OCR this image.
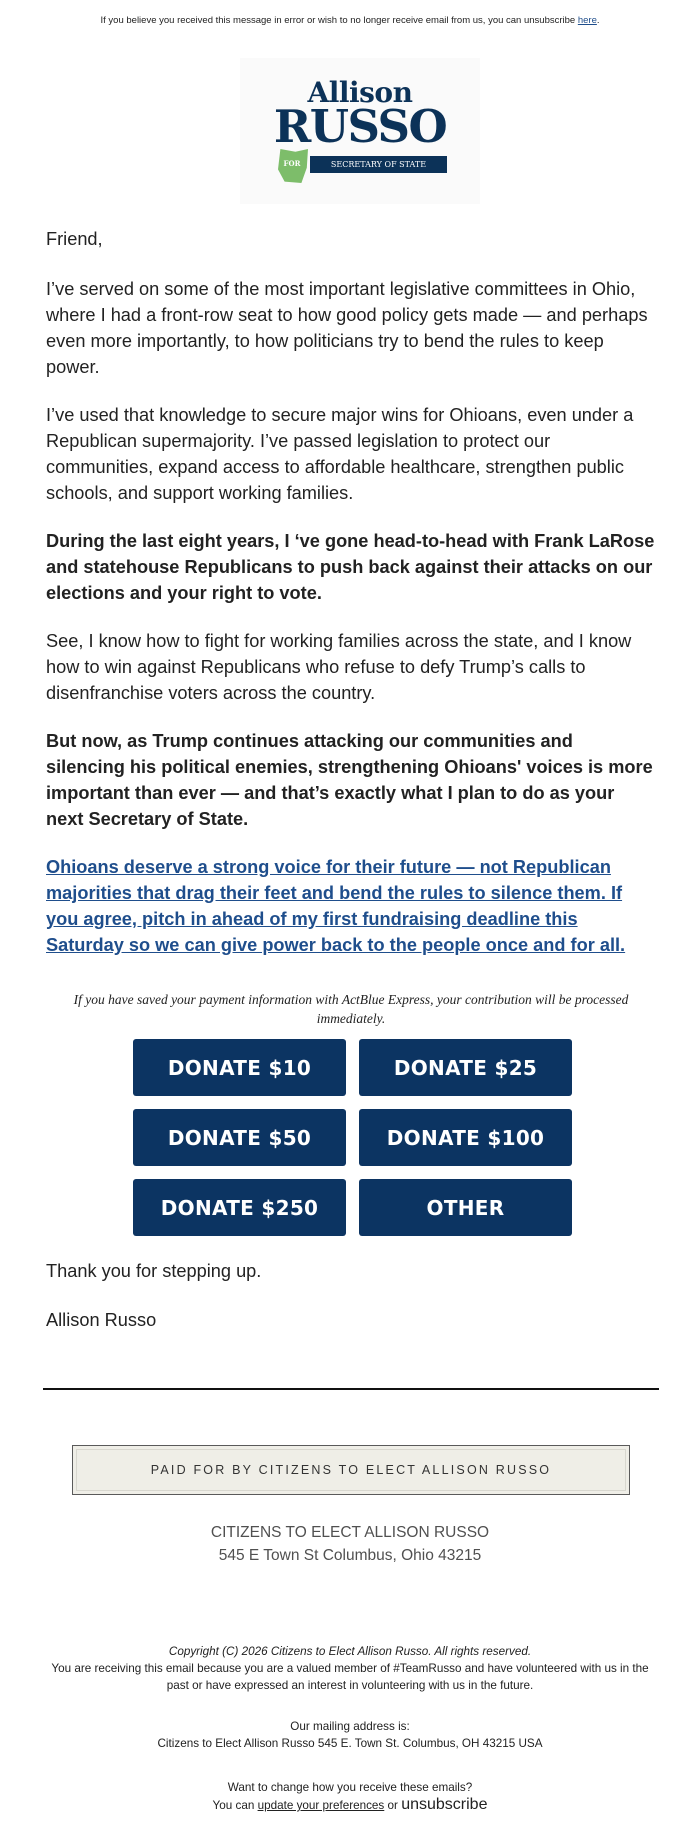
If you believe you received this message in error or wish to no longer receive email from us, you can unsubscribe here.
Allison
RUSSO
FOR	SECRETARY OF STATE
Friend,
I’ve served on some of the most important legislative committees in Ohio, where I had a front-row seat to how good policy gets made — and perhaps even more importantly, to how politicians try to bend the rules to keep power.
I’ve used that knowledge to secure major wins for Ohioans, even under a Republican supermajority. I’ve passed legislation to protect our communities, expand access to affordable healthcare, strengthen public schools, and support working families.
During the last eight years, I ‘ve gone head-to-head with Frank LaRose and statehouse Republicans to push back against their attacks on our elections and your right to vote.
See, I know how to fight for working families across the state, and I know how to win against Republicans who refuse to defy Trump’s calls to disenfranchise voters across the country.
But now, as Trump continues attacking our communities and silencing his political enemies, strengthening Ohioans' voices is more important than ever — and that’s exactly what I plan to do as your next Secretary of State.
Ohioans deserve a strong voice for their future — not Republican majorities that drag their feet and bend the rules to silence them. If you agree, pitch in ahead of my first fundraising deadline this Saturday so we can give power back to the people once and for all.
If you have saved your payment information with ActBlue Express, your contribution will be processed immediately.
DONATE $10	DONATE $25
DONATE $50	DONATE $100
DONATE $250	OTHER
Thank you for stepping up.
Allison Russo
PAID FOR BY CITIZENS TO ELECT ALLISON RUSSO
CITIZENS TO ELECT ALLISON RUSSO
545 E Town St Columbus, Ohio 43215
Copyright (C) 2026 Citizens to Elect Allison Russo. All rights reserved.
You are receiving this email because you are a valued member of #TeamRusso and have volunteered with us in the past or have expressed an interest in volunteering with us in the future.
Our mailing address is:
Citizens to Elect Allison Russo 545 E. Town St. Columbus, OH 43215 USA
Want to change how you receive these emails?
You can update your preferences or unsubscribe
